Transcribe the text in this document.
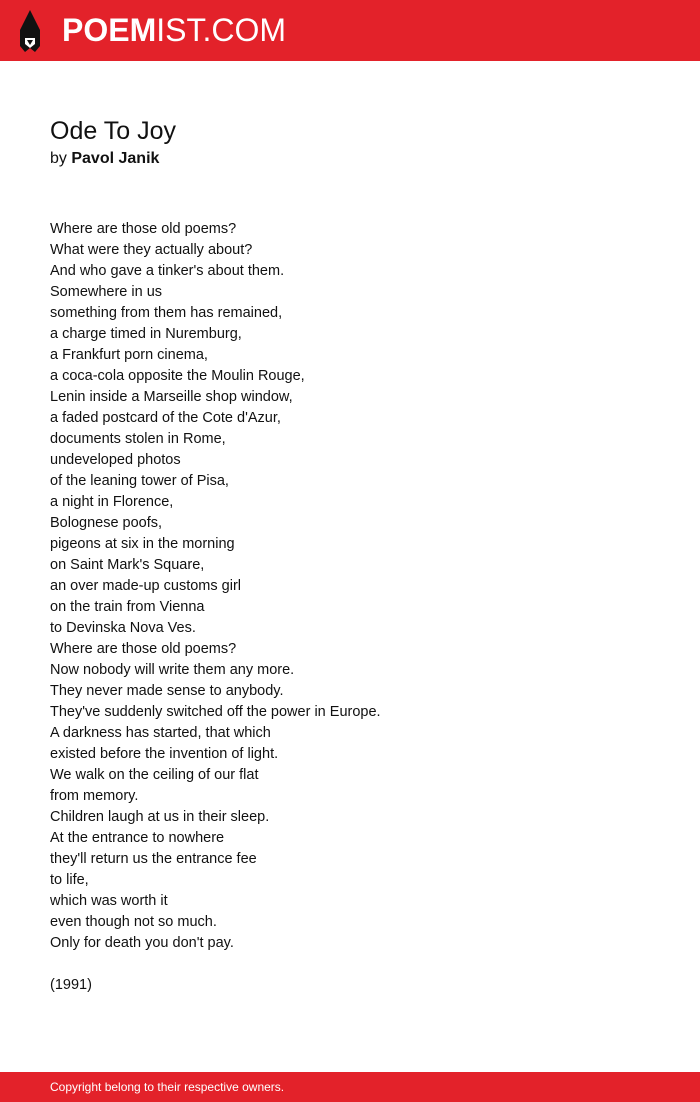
POEMIST.COM
Ode To Joy
by Pavol Janik
Where are those old poems?
What were they actually about?
And who gave a tinker's about them.
Somewhere in us
something from them has remained,
a charge timed in Nuremburg,
a Frankfurt porn cinema,
a coca-cola opposite the Moulin Rouge,
Lenin inside a Marseille shop window,
a faded postcard of the Cote d'Azur,
documents stolen in Rome,
undeveloped photos
of the leaning tower of Pisa,
a night in Florence,
Bolognese poofs,
pigeons at six in the morning
on Saint Mark's Square,
an over made-up customs girl
on the train from Vienna
to Devinska Nova Ves.
Where are those old poems?
Now nobody will write them any more.
They never made sense to anybody.
They've suddenly switched off the power in Europe.
A darkness has started, that which
existed before the invention of light.
We walk on the ceiling of our flat
from memory.
Children laugh at us in their sleep.
At the entrance to nowhere
they'll return us the entrance fee
to life,
which was worth it
even though not so much.
Only for death you don't pay.
(1991)
Copyright belong to their respective owners.
